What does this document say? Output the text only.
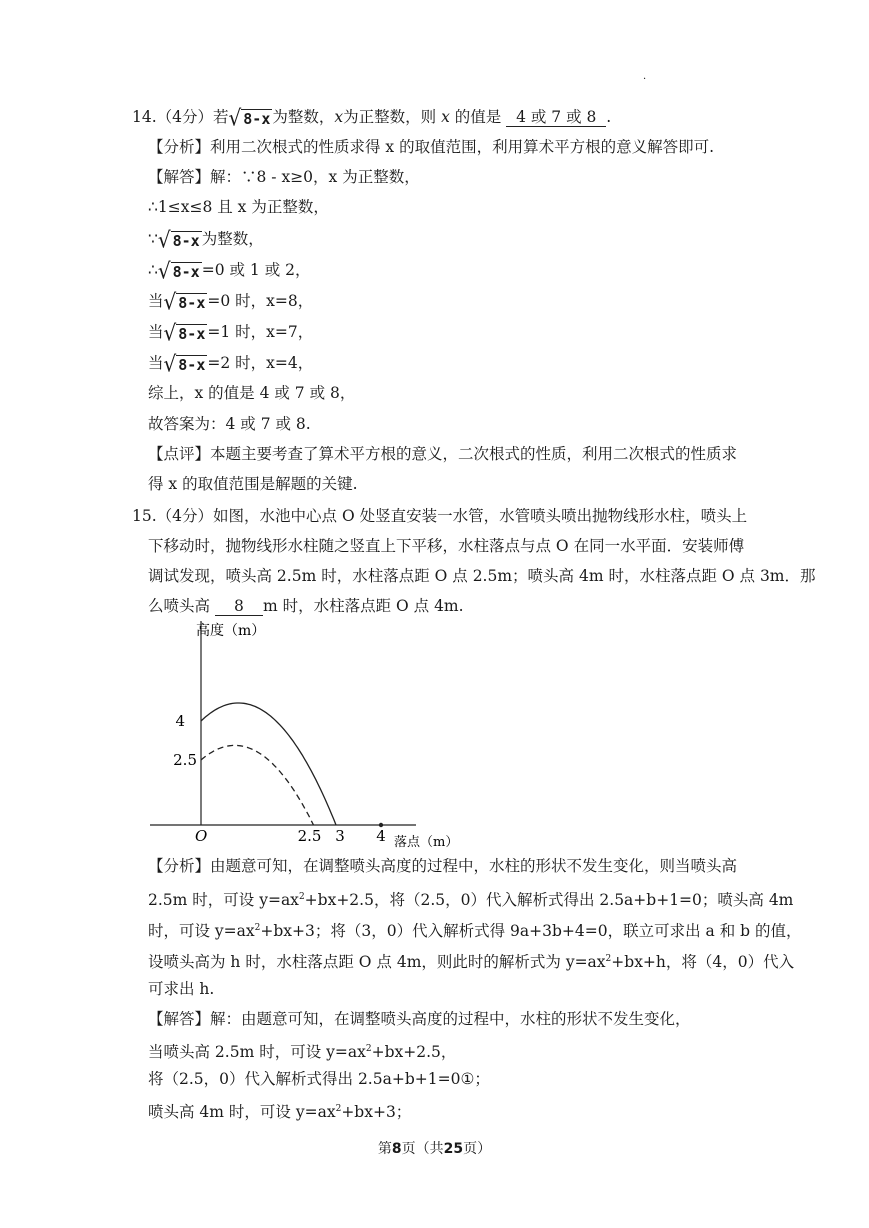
·
14.（4分）若 √ 8-x 为整数，x为正整数，则 x 的值是 4 或 7 或 8 .
【分析】利用二次根式的性质求得 x 的取值范围，利用算术平方根的意义解答即可.
【解答】解：∵8 - x≥0，x 为正整数，
∴1≤x≤8 且 x 为正整数，
∵ √ 8-x 为整数，
∴ √ 8-x =0 或 1 或 2，
当 √ 8-x =0 时，x=8，
当 √ 8-x =1 时，x=7，
当 √ 8-x =2 时，x=4，
综上，x 的值是 4 或 7 或 8，
故答案为：4 或 7 或 8.
【点评】本题主要考查了算术平方根的意义，二次根式的性质，利用二次根式的性质求
得 x 的取值范围是解题的关键.
15.（4分）如图，水池中心点 O 处竖直安装一水管，水管喷头喷出抛物线形水柱，喷头上
下移动时，抛物线形水柱随之竖直上下平移，水柱落点与点 O 在同一水平面．安装师傅
调试发现，喷头高 2.5m 时，水柱落点距 O 点 2.5m；喷头高 4m 时，水柱落点距 O 点 3m．那
么喷头高 8 m 时，水柱落点距 O 点 4m.
高度（m）
落点（m）
O
4
2.5
2.5 3 4
【分析】由题意可知，在调整喷头高度的过程中，水柱的形状不发生变化，则当喷头高
2.5m 时，可设 $y=ax^2+bx+2.5$，将（2.5，0）代入解析式得出 2.5a+b+1=0；喷头高 4m
时，可设 $y=ax^2+bx+3$；将（3，0）代入解析式得 9a+3b+4=0，联立可求出 a 和 b 的值，
设喷头高为 h 时，水柱落点距 O 点 4m，则此时的解析式为 $y=ax^2+bx+h$，将（4，0）代入
可求出 h.
【解答】解：由题意可知，在调整喷头高度的过程中，水柱的形状不发生变化，
当喷头高 2.5m 时，可设 $y=ax^2+bx+2.5$，
将（2.5，0）代入解析式得出 2.5a+b+1=0①；
喷头高 4m 时，可设 $y=ax^2+bx+3$；
第8页（共25页）
